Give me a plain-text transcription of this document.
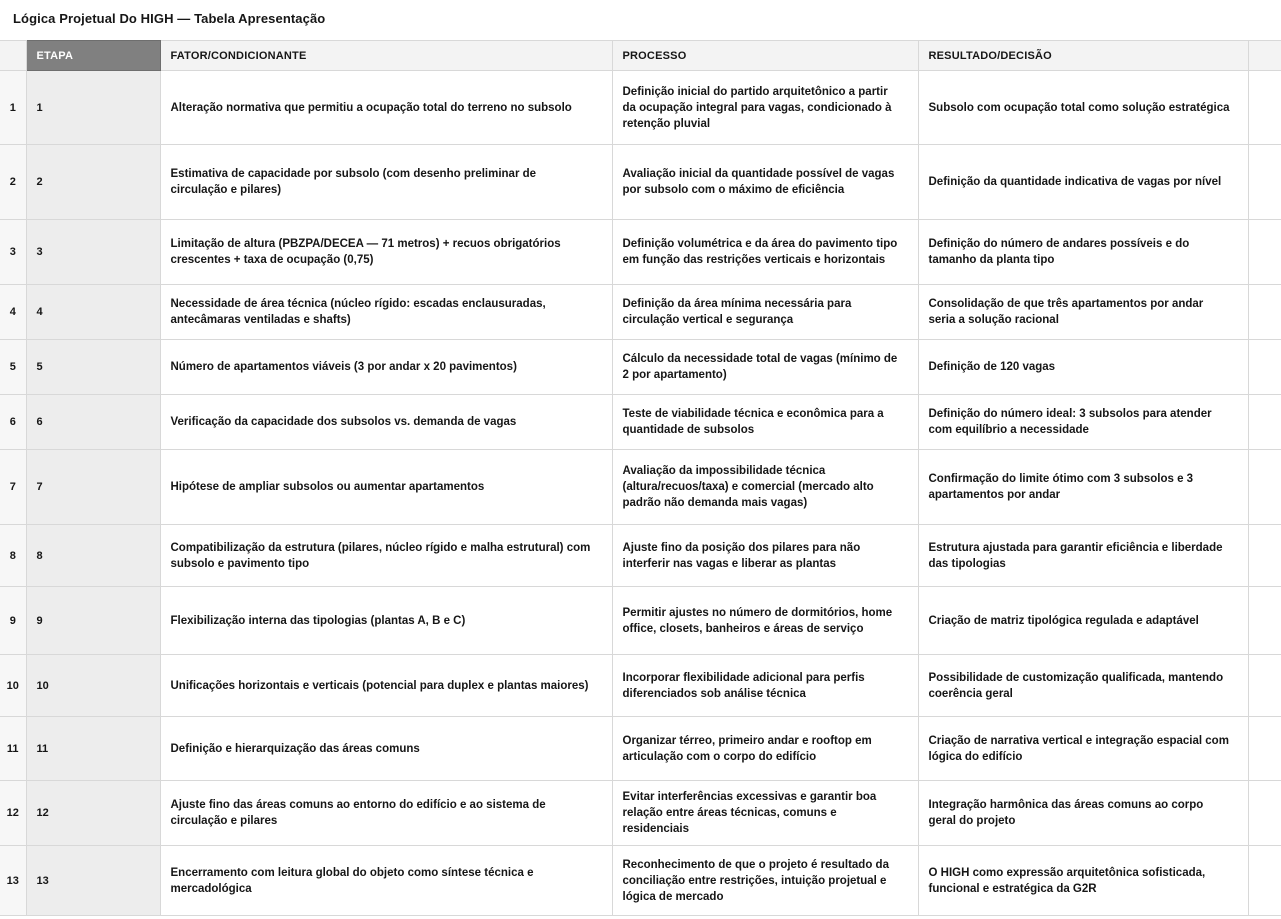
Lógica Projetual Do HIGH — Tabela Apresentação
	ETAPA	FATOR/CONDICIONANTE	PROCESSO	RESULTADO/DECISÃO	
1	1	Alteração normativa que permitiu a ocupação total do terreno no subsolo	Definição inicial do partido arquitetônico a partir da ocupação integral para vagas, condicionado à retenção pluvial	Subsolo com ocupação total como solução estratégica	
2	2	Estimativa de capacidade por subsolo (com desenho preliminar de circulação e pilares)	Avaliação inicial da quantidade possível de vagas por subsolo com o máximo de eficiência	Definição da quantidade indicativa de vagas por nível	
3	3	Limitação de altura (PBZPA/DECEA — 71 metros) + recuos obrigatórios crescentes + taxa de ocupação (0,75)	Definição volumétrica e da área do pavimento tipo em função das restrições verticais e horizontais	Definição do número de andares possíveis e do tamanho da planta tipo	
4	4	Necessidade de área técnica (núcleo rígido: escadas enclausuradas, antecâmaras ventiladas e shafts)	Definição da área mínima necessária para circulação vertical e segurança	Consolidação de que três apartamentos por andar seria a solução racional	
5	5	Número de apartamentos viáveis (3 por andar x 20 pavimentos)	Cálculo da necessidade total de vagas (mínimo de 2 por apartamento)	Definição de 120 vagas	
6	6	Verificação da capacidade dos subsolos vs. demanda de vagas	Teste de viabilidade técnica e econômica para a quantidade de subsolos	Definição do número ideal: 3 subsolos para atender com equilíbrio a necessidade	
7	7	Hipótese de ampliar subsolos ou aumentar apartamentos	Avaliação da impossibilidade técnica (altura/recuos/taxa) e comercial (mercado alto padrão não demanda mais vagas)	Confirmação do limite ótimo com 3 subsolos e 3 apartamentos por andar	
8	8	Compatibilização da estrutura (pilares, núcleo rígido e malha estrutural) com subsolo e pavimento tipo	Ajuste fino da posição dos pilares para não interferir nas vagas e liberar as plantas	Estrutura ajustada para garantir eficiência e liberdade das tipologias	
9	9	Flexibilização interna das tipologias (plantas A, B e C)	Permitir ajustes no número de dormitórios, home office, closets, banheiros e áreas de serviço	Criação de matriz tipológica regulada e adaptável	
10	10	Unificações horizontais e verticais (potencial para duplex e plantas maiores)	Incorporar flexibilidade adicional para perfis diferenciados sob análise técnica	Possibilidade de customização qualificada, mantendo coerência geral	
11	11	Definição e hierarquização das áreas comuns	Organizar térreo, primeiro andar e rooftop em articulação com o corpo do edifício	Criação de narrativa vertical e integração espacial com lógica do edifício	
12	12	Ajuste fino das áreas comuns ao entorno do edifício e ao sistema de circulação e pilares	Evitar interferências excessivas e garantir boa relação entre áreas técnicas, comuns e residenciais	Integração harmônica das áreas comuns ao corpo geral do projeto	
13	13	Encerramento com leitura global do objeto como síntese técnica e mercadológica	Reconhecimento de que o projeto é resultado da conciliação entre restrições, intuição projetual e lógica de mercado	O HIGH como expressão arquitetônica sofisticada, funcional e estratégica da G2R	
